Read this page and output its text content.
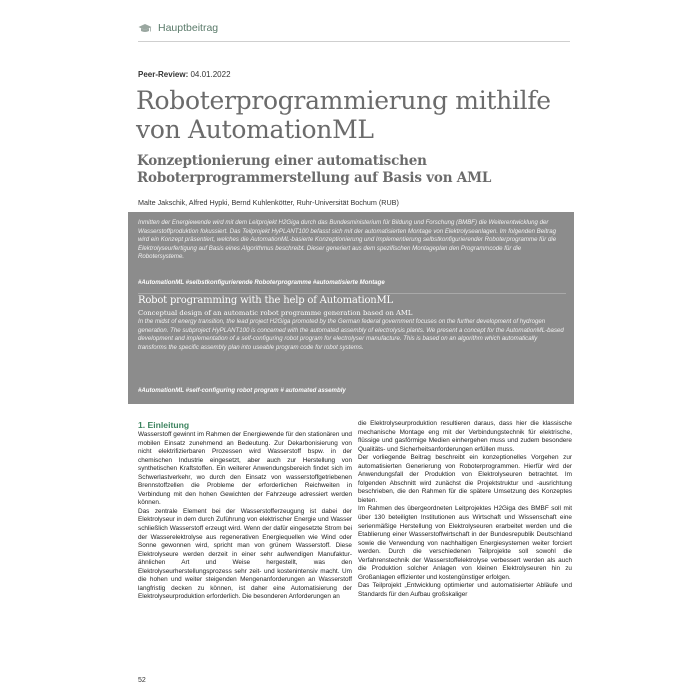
Hauptbeitrag
Peer-Review: 04.01.2022
Roboterprogrammierung mithilfe von AutomationML
Konzeptionierung einer automatischen Roboterprogrammerstellung auf Basis von AML
Malte Jakschik, Alfred Hypki, Bernd Kuhlenkötter, Ruhr-Universität Bochum (RUB)

Inmitten der Energiewende wird mit dem Leitprojekt H2Giga durch das Bundesministerium für Bildung und Forschung (BMBF) die Weiterentwicklung der Wasserstoffproduktion fokussiert. Das Teilprojekt HyPLANT100 befasst sich mit der automatisierten Montage von Elektrolyseanlagen. Im folgenden Beitrag wird ein Konzept präsentiert, welches die AutomationML-basierte Konzeptionierung und Implementierung selbstkonfigurierender Roboterprogramme für die Elektrolyseurfertigung auf Basis eines Algorithmus beschreibt. Dieser generiert aus dem spezifischen Montageplan den Programmcode für die Robotersysteme.

#AutomationML #selbstkonfigurierende Roboterprogramme #automatisierte Montage
Robot programming with the help of AutomationML
Conceptual design of an automatic robot programme generation based on AML

In the midst of energy transition, the lead project H2Giga promoted by the German federal government focuses on the further development of hydrogen generation. The subproject HyPLANT100 is concerned with the automated assembly of electrolysis plants. We present a concept for the AutomationML-based development and implementation of a self-configuring robot program for electrolyser manufacture. This is based on an algorithm which automatically transforms the specific assembly plan into useable program code for robot systems.

#AutomationML #self-configuring robot program # automated assembly
1. Einleitung

Wasserstoff gewinnt im Rahmen der Energiewende für den stationären und mobilen Einsatz zunehmend an Bedeutung. Zur Dekarbonisierung von nicht elektrifizierbaren Prozessen wird Wasserstoff bspw. in der chemischen Industrie eingesetzt, aber auch zur Herstellung von synthetischen Kraftstoffen. Ein weiterer Anwendungsbereich findet sich im Schwerlastverkehr, wo durch den Einsatz von wasserstoffgetriebenen Brennstoffzellen die Probleme der erforderlichen Reichweiten in Verbindung mit den hohen Gewichten der Fahrzeuge adressiert werden können.

Das zentrale Element bei der Wasserstofferzeugung ist dabei der Elektrolyseur in dem durch Zuführung von elektrischer Energie und Wasser schließlich Wasserstoff erzeugt wird. Wenn der dafür eingesetzte Strom bei der Wasserelektrolyse aus regenerativen Energiequellen wie Wind oder Sonne gewonnen wird, spricht man von grünem Wasserstoff. Diese Elektrolyseure werden derzeit in einer sehr aufwendigen Manufaktur-ähnlichen Art und Weise hergestellt, was den Elektrolyseurherstellungsprozess sehr zeit- und kostenintensiv macht. Um die hohen und weiter steigenden Mengenanforderungen an Wasserstoff langfristig decken zu können, ist daher eine Automatisierung der Elektrolyseurproduktion erforderlich. Die besonderen Anforderungen an

die Elektrolyseurproduktion resultieren daraus, dass hier die klassische mechanische Montage eng mit der Verbindungstechnik für elektrische, flüssige und gasförmige Medien einhergehen muss und zudem besondere Qualitäts- und Sicherheitsanforderungen erfüllen muss.

Der vorliegende Beitrag beschreibt ein konzeptionelles Vorgehen zur automatisierten Generierung von Roboterprogrammen. Hierfür wird der Anwendungsfall der Produktion von Elektrolyseuren betrachtet. Im folgenden Abschnitt wird zunächst die Projektstruktur und -ausrichtung beschrieben, die den Rahmen für die spätere Umsetzung des Konzeptes bieten.

Im Rahmen des übergeordneten Leitprojektes H2Giga des BMBF soll mit über 130 beteiligten Institutionen aus Wirtschaft und Wissenschaft eine serienmäßige Herstellung von Elektrolyseuren erarbeitet werden und die Etablierung einer Wasserstoffwirtschaft in der Bundesrepublik Deutschland sowie die Verwendung von nachhaltigen Energiesystemen weiter forciert werden. Durch die verschiedenen Teilprojekte soll sowohl die Verfahrenstechnik der Wasserstoffelektrolyse verbessert werden als auch die Produktion solcher Anlagen von kleinen Elektrolyseuren hin zu Großanlagen effizienter und kostengünstiger erfolgen.

Das Teilprojekt „Entwicklung optimierter und automatisierter Abläufe und Standards für den Aufbau großskaliger

52
